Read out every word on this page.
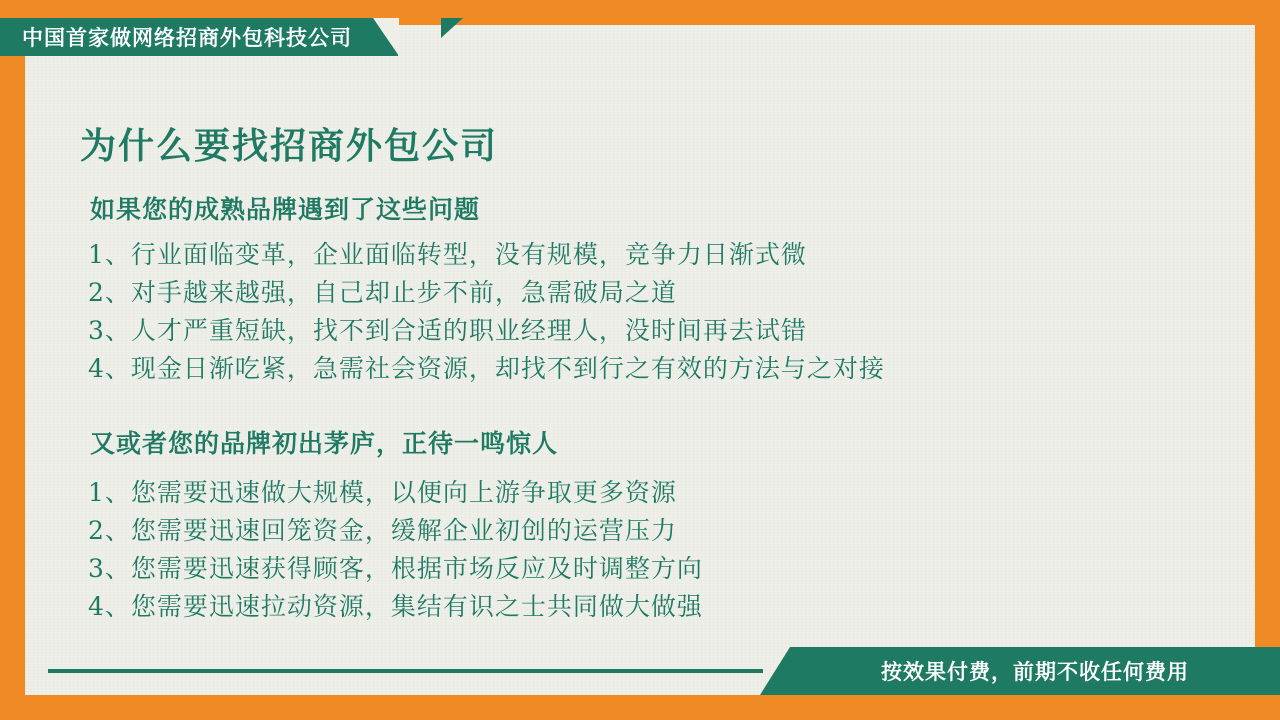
中国首家做网络招商外包科技公司
为什么要找招商外包公司
如果您的成熟品牌遇到了这些问题
1、行业面临变革，企业面临转型，没有规模，竞争力日渐式微
2、对手越来越强，自己却止步不前，急需破局之道
3、人才严重短缺，找不到合适的职业经理人，没时间再去试错
4、现金日渐吃紧，急需社会资源，却找不到行之有效的方法与之对接
又或者您的品牌初出茅庐，正待一鸣惊人
1、您需要迅速做大规模，以便向上游争取更多资源
2、您需要迅速回笼资金，缓解企业初创的运营压力
3、您需要迅速获得顾客，根据市场反应及时调整方向
4、您需要迅速拉动资源，集结有识之士共同做大做强
按效果付费，前期不收任何费用
